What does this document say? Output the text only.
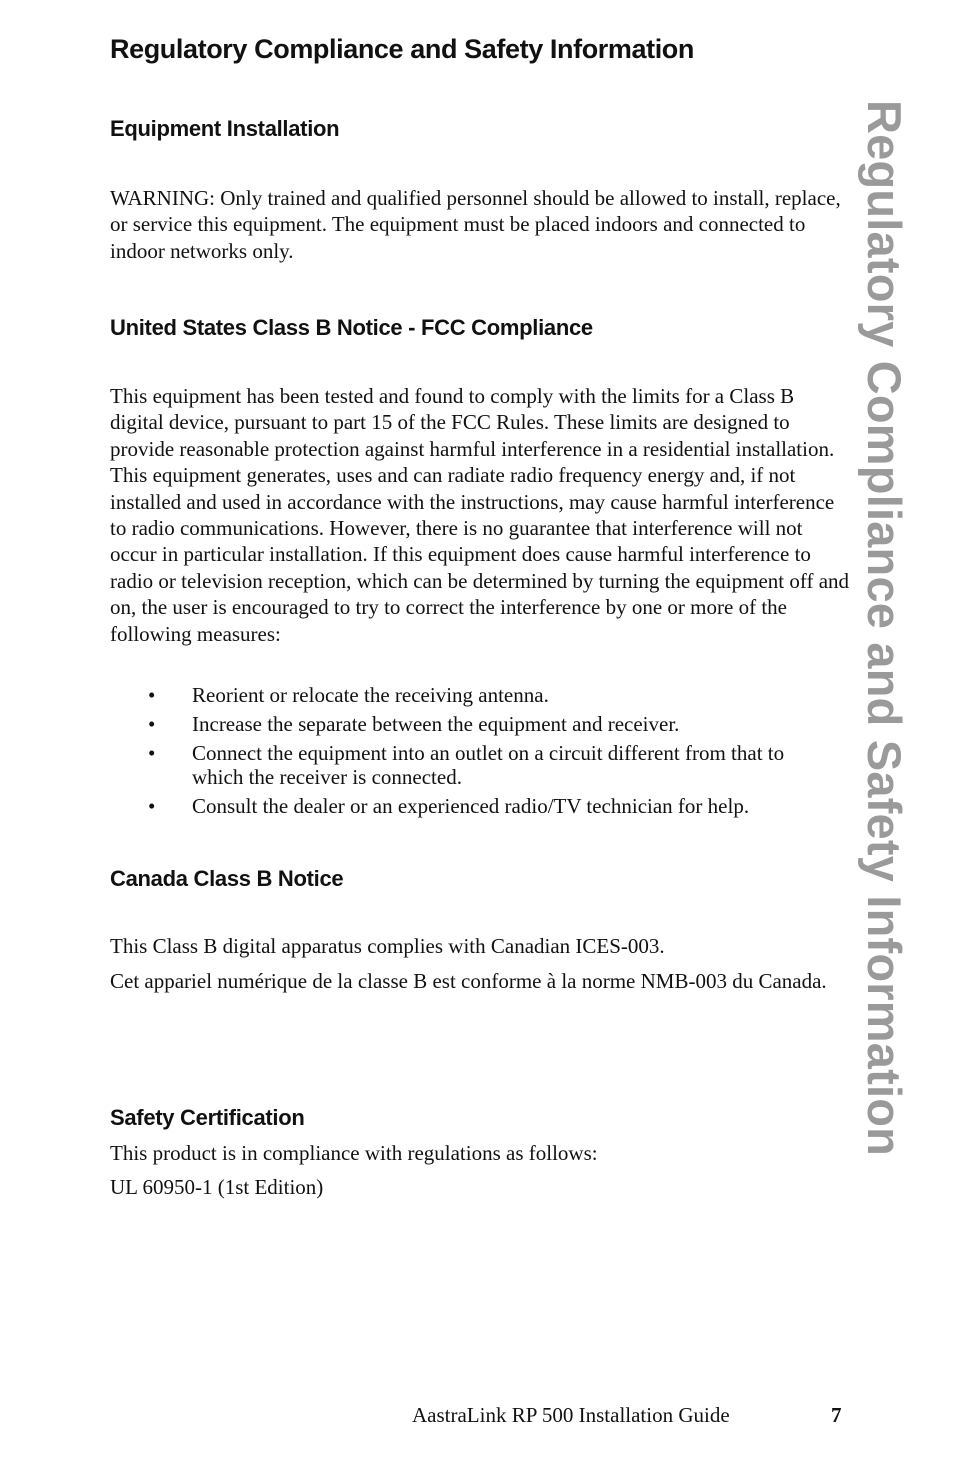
Regulatory Compliance and Safety Information
Equipment Installation

WARNING: Only trained and qualified personnel should be allowed to install, replace, or service this equipment. The equipment must be placed indoors and connected to indoor networks only.

United States Class B Notice - FCC Compliance

This equipment has been tested and found to comply with the limits for a Class B digital device, pursuant to part 15 of the FCC Rules. These limits are designed to provide reasonable protection against harmful interference in a residential installation. This equipment generates, uses and can radiate radio frequency energy and, if not installed and used in accordance with the instructions, may cause harmful interference to radio communications. However, there is no guarantee that interference will not occur in particular installation. If this equipment does cause harmful interference to radio or television reception, which can be determined by turning the equipment off and on, the user is encouraged to try to correct the interference by one or more of the following measures:

• Reorient or relocate the receiving antenna.
• Increase the separate between the equipment and receiver.
• Connect the equipment into an outlet on a circuit different from that to which the receiver is connected.
• Consult the dealer or an experienced radio/TV technician for help.
Canada Class B Notice

This Class B digital apparatus complies with Canadian ICES-003.

Cet appariel numérique de la classe B est conforme à la norme NMB-003 du Canada.

Safety Certification

This product is in compliance with regulations as follows:

UL 60950-1 (1st Edition)

Regulatory Compliance and Safety Information

AastraLink RP 500 Installation Guide	7
